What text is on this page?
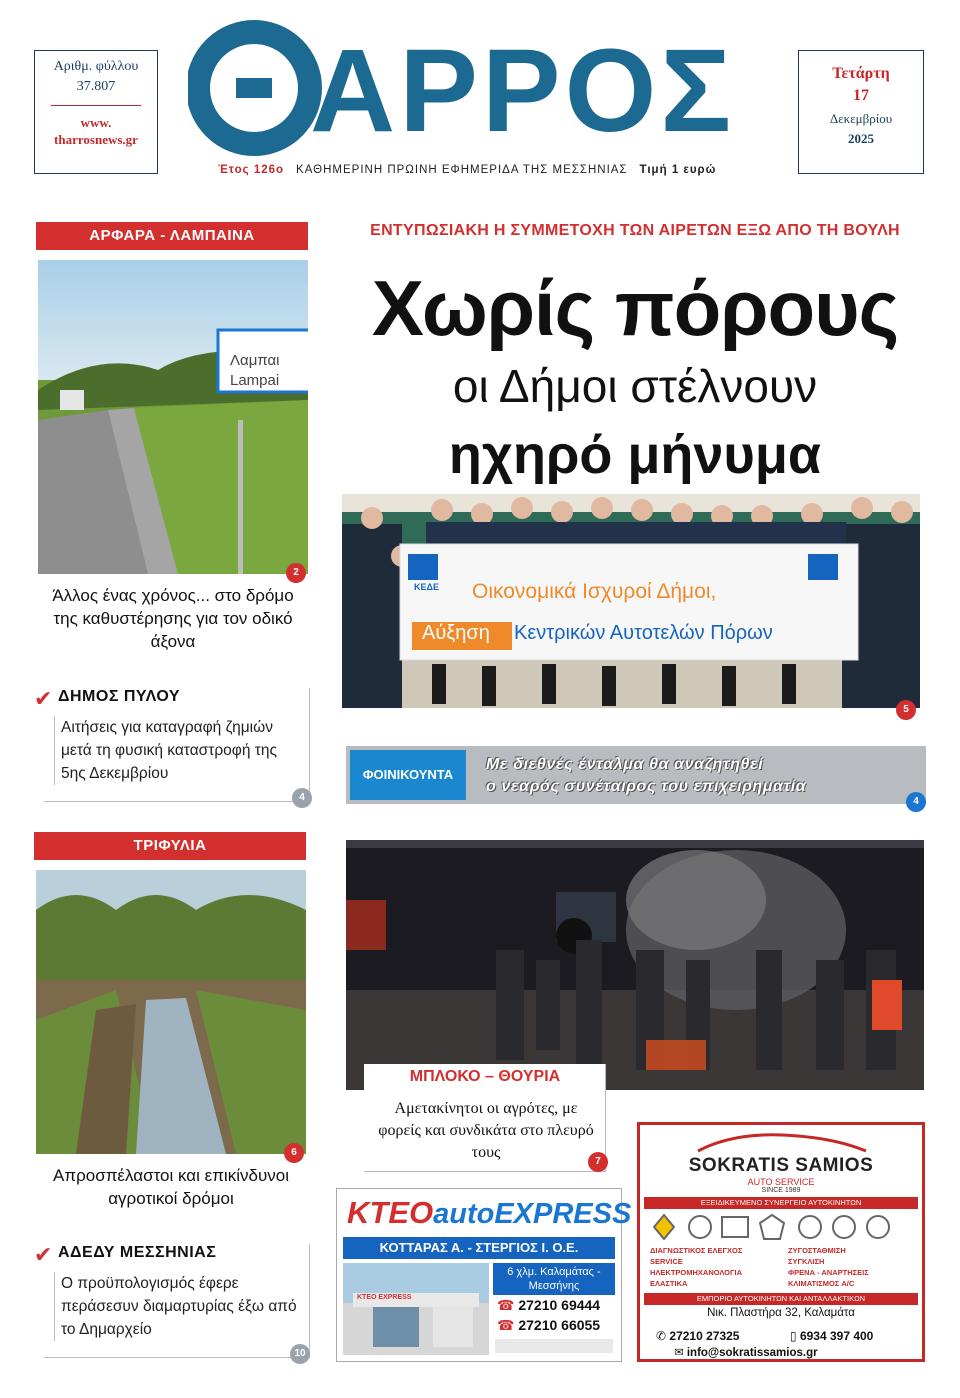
Αριθμ. φύλλου
37.807
www.
tharrosnews.gr ΑΡΡΟΣ
Έτος 126ο ΚΑΘΗΜΕΡΙΝΗ ΠΡΩΙΝΗ ΕΦΗΜΕΡΙΔΑ ΤΗΣ ΜΕΣΣΗΝΙΑΣ Τιμή 1 ευρώ
Τετάρτη
17
Δεκεμβρίου
2025
ΑΡΦΑΡΑ - ΛΑΜΠΑΙΝΑ
Λαμπαι
Lampai
2
Άλλος ένας χρόνος... στο δρόμο της καθυστέρησης για τον οδικό άξονα
✔ ΔΗΜΟΣ ΠΥΛΟΥ
Αιτήσεις για καταγραφή ζημιών μετά τη φυσική καταστροφή της 5ης Δεκεμβρίου
4
ΤΡΙΦΥΛΙΑ
6
Απροσπέλαστοι και επικίνδυνοι αγροτικοί δρόμοι
✔ ΑΔΕΔΥ ΜΕΣΣΗΝΙΑΣ
Ο προϋπολογισμός έφερε περάσεσυν διαμαρτυρίας έξω από το Δημαρχείο
10
ΕΝΤΥΠΩΣΙΑΚΗ Η ΣΥΜΜΕΤΟΧΗ ΤΩΝ ΑΙΡΕΤΩΝ ΕΞΩ ΑΠΟ ΤΗ ΒΟΥΛΗ
Χωρίς πόρους
οι Δήμοι στέλνουν
ηχηρό μήνυμα
ΚΕΔΕ Οικονομικά Ισχυροί Δήμοι,
Αύξηση Κεντρικών Αυτοτελών Πόρων
5
ΦΟΙΝΙΚΟΥΝΤΑ
Με διεθνές ένταλμα θα αναζητηθεί
ο νεαρός συνέταιρος του επιχειρηματία
4
ΜΠΛΟΚΟ – ΘΟΥΡΙΑ
Αμετακίνητοι οι αγρότες, με φορείς και συνδικάτα στο πλευρό τους
7
ΚΤΕΟautoEXPRESS
ΚΟΤΤΑΡΑΣ Α. - ΣΤΕΡΓΙΟΣ Ι. Ο.Ε.
ΚΤΕΟ EXPRESS
6 χλμ. Καλαμάτας - Μεσσήνης
☎ 27210 69444
☎ 27210 66055
SOKRATIS SAMIOS
AUTO SERVICE
SINCE 1989
ΕΞΕΙΔΙΚΕΥΜΕΝΟ ΣΥΝΕΡΓΕΙΟ ΑΥΤΟΚΙΝΗΤΩΝ
ΔΙΑΓΝΩΣΤΙΚΟΣ ΕΛΕΓΧΟΣ
SERVICE
ΗΛΕΚΤΡΟΜΗΧΑΝΟΛΟΓΙΑ
ΕΛΑΣΤΙΚΑ
ΖΥΓΟΣΤΑΘΜΙΣΗ
ΣΥΓΚΛΙΣΗ
ΦΡΕΝΑ - ΑΝΑΡΤΗΣΕΙΣ
ΚΛΙΜΑΤΙΣΜΟΣ A/C
ΕΜΠΟΡΙΟ ΑΥΤΟΚΙΝΗΤΩΝ ΚΑΙ ΑΝΤΑΛΛΑΚΤΙΚΩΝ
Νικ. Πλαστήρα 32, Καλαμάτα
✆ 27210 27325	▯ 6934 397 400
✉ info@sokratissamios.gr
